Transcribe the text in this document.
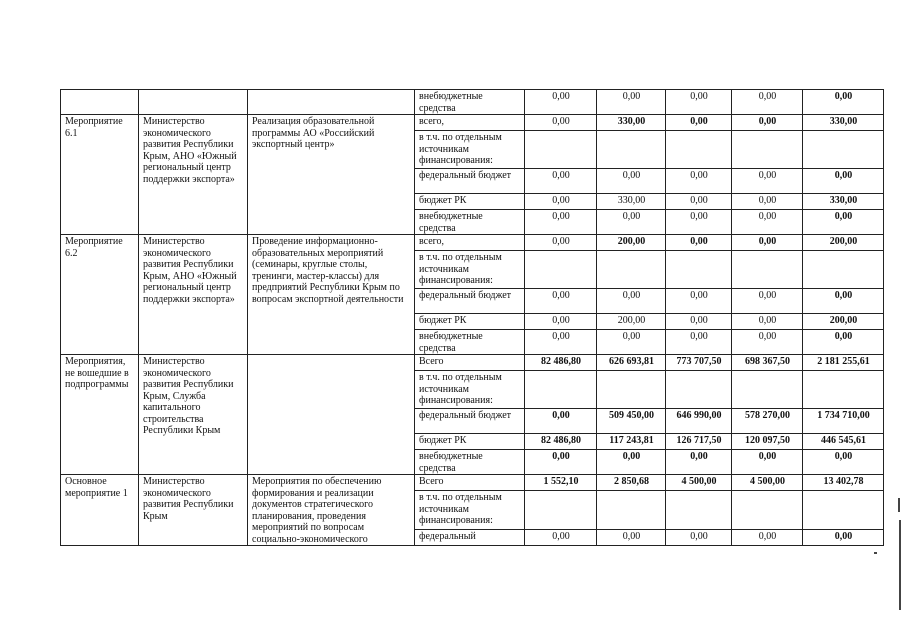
			внебюджетные средства	0,00	0,00	0,00	0,00	0,00
Мероприятие 6.1	Министерство экономического развития Республики Крым, АНО «Южный региональный центр поддержки экспорта»	Реализация образовательной программы АО «Российский экспортный центр»	всего,	0,00	330,00	0,00	0,00	330,00
			в т.ч. по отдельным источникам финансирования:					
			федеральный бюджет	0,00	0,00	0,00	0,00	0,00
			бюджет РК	0,00	330,00	0,00	0,00	330,00
			внебюджетные средства	0,00	0,00	0,00	0,00	0,00
Мероприятие 6.2	Министерство экономического развития Республики Крым, АНО «Южный региональный центр поддержки экспорта»	Проведение информационно-образовательных мероприятий (семинары, круглые столы, тренинги, мастер-классы) для предприятий Республики Крым по вопросам экспортной деятельности	всего,	0,00	200,00	0,00	0,00	200,00
			в т.ч. по отдельным источникам финансирования:					
			федеральный бюджет	0,00	0,00	0,00	0,00	0,00
			бюджет РК	0,00	200,00	0,00	0,00	200,00
			внебюджетные средства	0,00	0,00	0,00	0,00	0,00
Мероприятия, не вошедшие в подпрограммы	Министерство экономического развития Республики Крым, Служба капитального строительства Республики Крым		Всего	82 486,80	626 693,81	773 707,50	698 367,50	2 181 255,61
			в т.ч. по отдельным источникам финансирования:					
			федеральный бюджет	0,00	509 450,00	646 990,00	578 270,00	1 734 710,00
			бюджет РК	82 486,80	117 243,81	126 717,50	120 097,50	446 545,61
			внебюджетные средства	0,00	0,00	0,00	0,00	0,00
Основное мероприятие 1	Министерство экономического развития Республики Крым	Мероприятия по обеспечению формирования и реализации документов стратегического планирования, проведения мероприятий по вопросам социально-экономического	Всего	1 552,10	2 850,68	4 500,00	4 500,00	13 402,78
			в т.ч. по отдельным источникам финансирования:					
			федеральный	0,00	0,00	0,00	0,00	0,00
